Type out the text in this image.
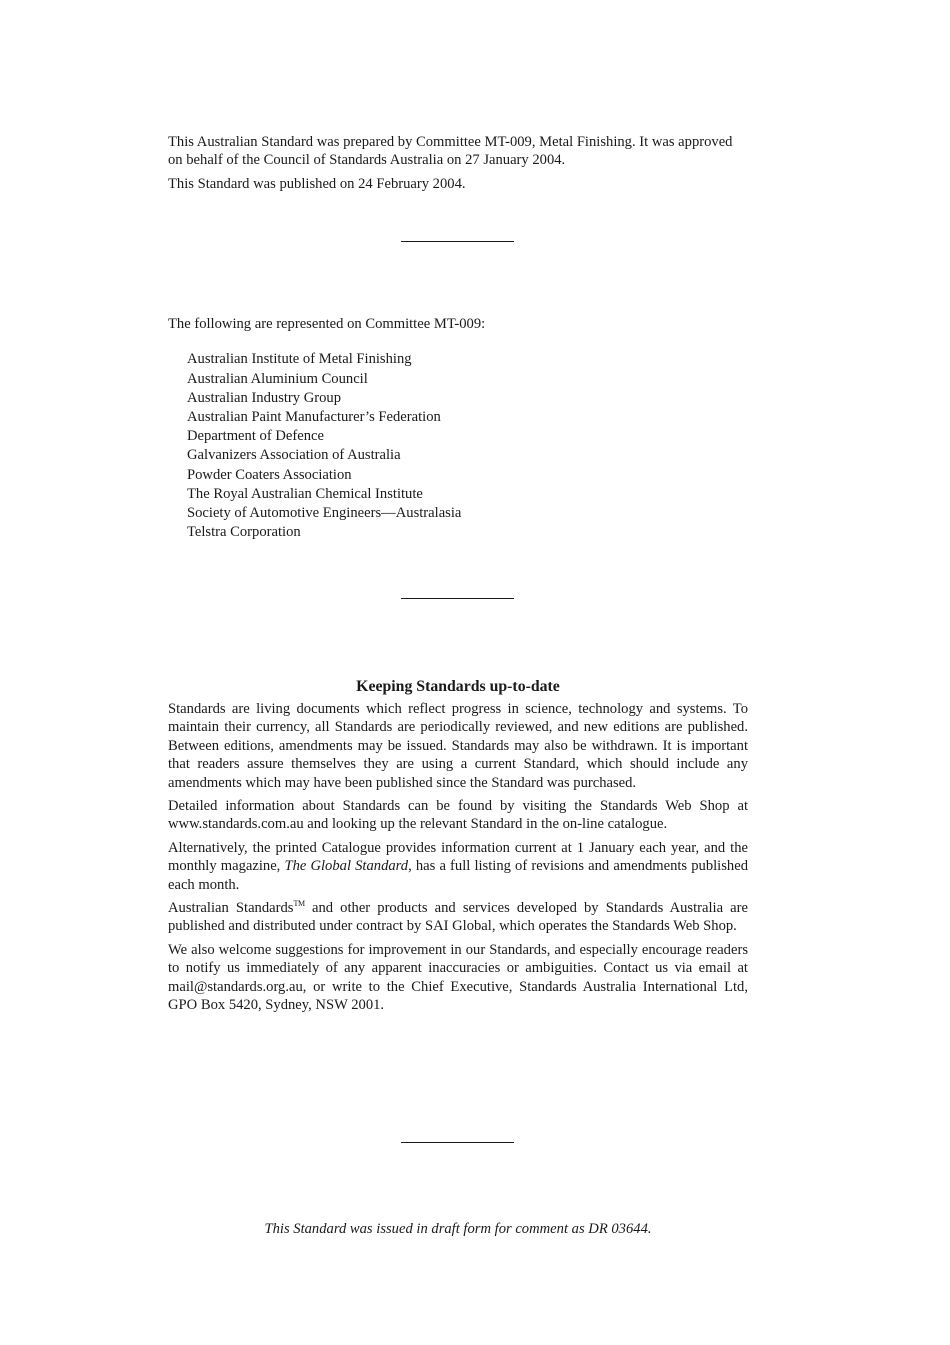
This Australian Standard was prepared by Committee MT-009, Metal Finishing. It was approved on behalf of the Council of Standards Australia on 27 January 2004.

This Standard was published on 24 February 2004.

The following are represented on Committee MT-009:

Australian Institute of Metal Finishing
Australian Aluminium Council
Australian Industry Group
Australian Paint Manufacturer’s Federation
Department of Defence
Galvanizers Association of Australia
Powder Coaters Association
The Royal Australian Chemical Institute
Society of Automotive Engineers—Australasia
Telstra Corporation
Keeping Standards up-to-date

Standards are living documents which reflect progress in science, technology and systems. To maintain their currency, all Standards are periodically reviewed, and new editions are published. Between editions, amendments may be issued. Standards may also be withdrawn. It is important that readers assure themselves they are using a current Standard, which should include any amendments which may have been published since the Standard was purchased.

Detailed information about Standards can be found by visiting the Standards Web Shop at www.standards.com.au and looking up the relevant Standard in the on-line catalogue.

Alternatively, the printed Catalogue provides information current at 1 January each year, and the monthly magazine, The Global Standard, has a full listing of revisions and amendments published each month.

Australian Standards™ and other products and services developed by Standards Australia are published and distributed under contract by SAI Global, which operates the Standards Web Shop.

We also welcome suggestions for improvement in our Standards, and especially encourage readers to notify us immediately of any apparent inaccuracies or ambiguities. Contact us via email at mail@standards.org.au, or write to the Chief Executive, Standards Australia International Ltd, GPO Box 5420, Sydney, NSW 2001.

This Standard was issued in draft form for comment as DR 03644.
